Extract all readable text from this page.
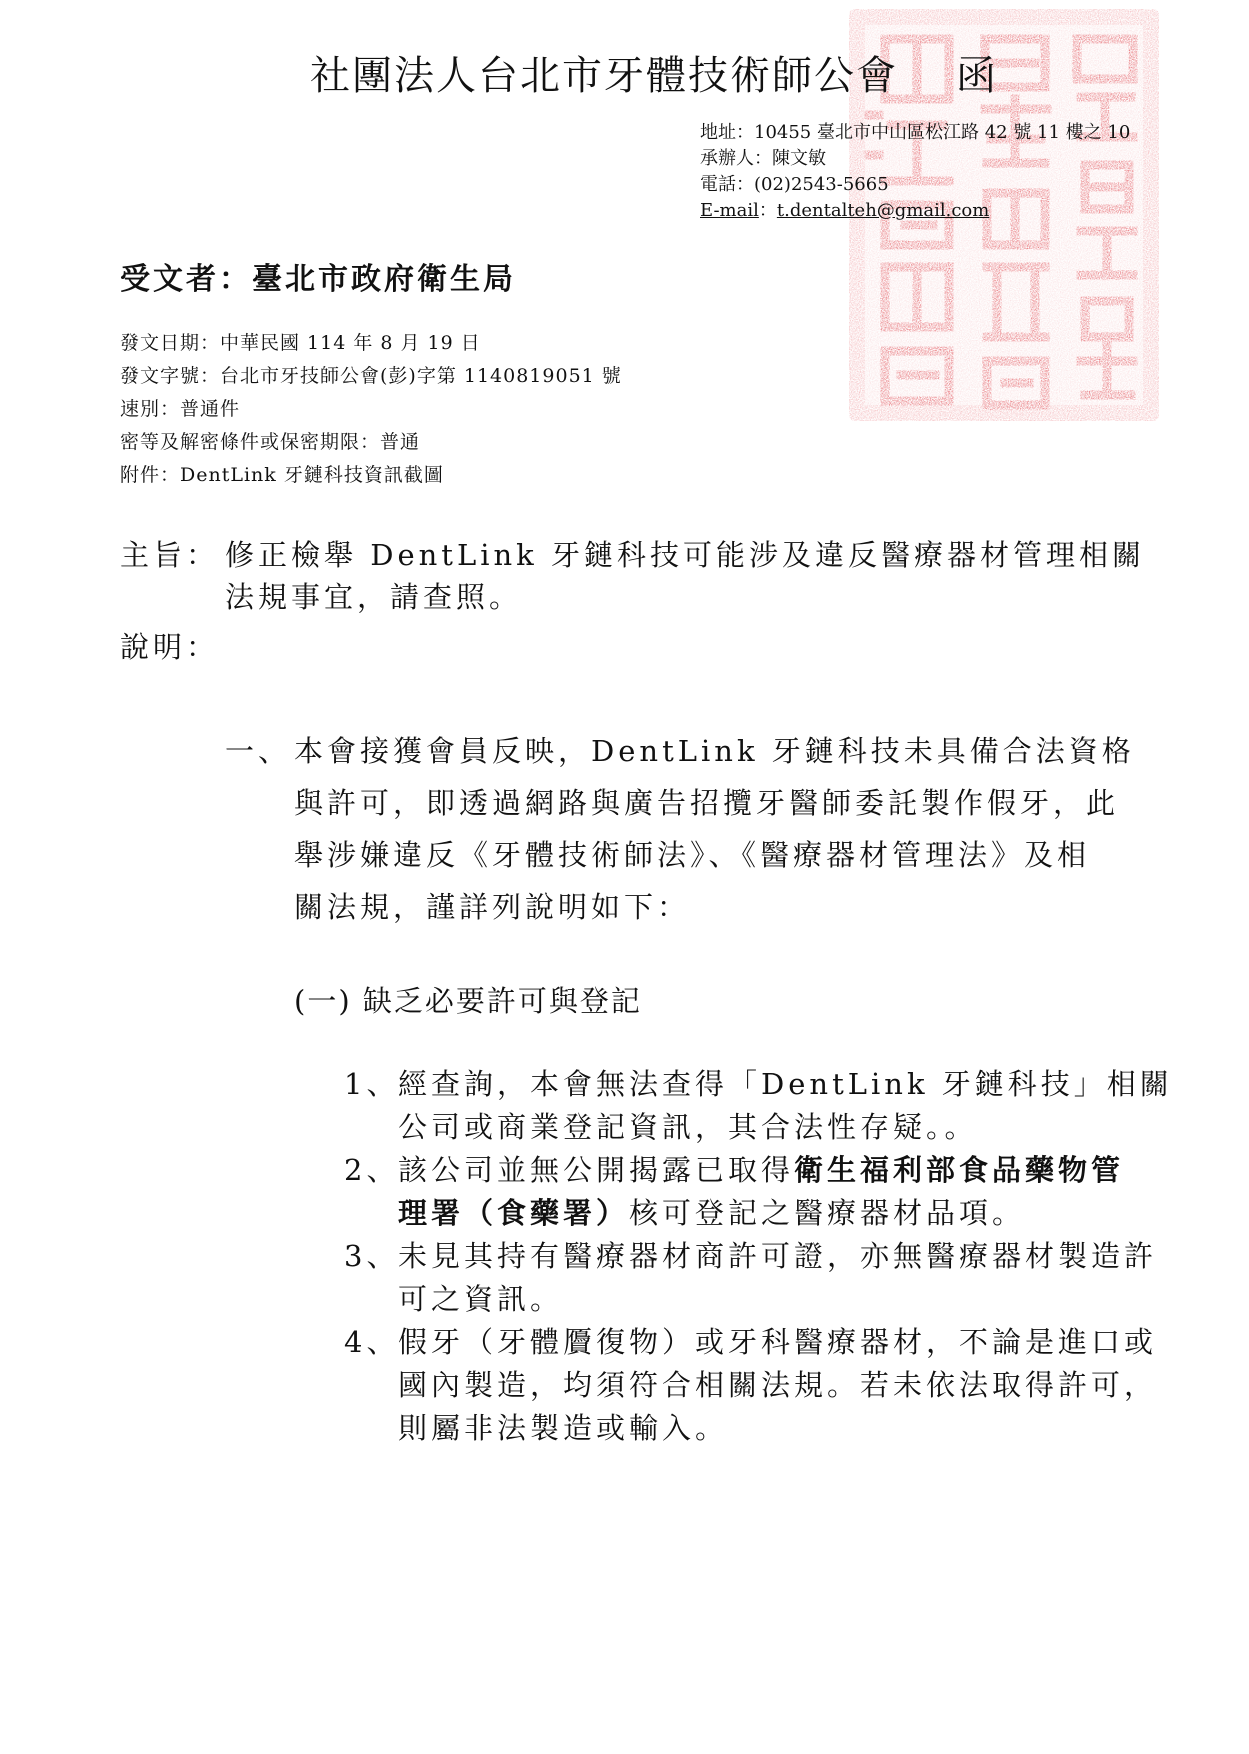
社團法人台北市牙體技術師公會 函
地址：10455 臺北市中山區松江路 42 號 11 樓之 10
承辦人：陳文敏
電話：(02)2543-5665
E-mail：t.dentalteh@gmail.com
受文者：臺北市政府衛生局
發文日期：中華民國 114 年 8 月 19 日
發文字號：台北市牙技師公會(彭)字第 1140819051 號
速別：普通件
密等及解密條件或保密期限：普通
附件：DentLink 牙鏈科技資訊截圖
主旨： 修正檢舉 DentLink 牙鏈科技可能涉及違反醫療器材管理相關
法規事宜，請查照。
說明：
一、 本會接獲會員反映，DentLink 牙鏈科技未具備合法資格
與許可，即透過網路與廣告招攬牙醫師委託製作假牙，此
舉涉嫌違反《牙體技術師法》、《醫療器材管理法》及相
關法規，謹詳列說明如下：
(一) 缺乏必要許可與登記
1、
經查詢，本會無法查得「DentLink 牙鏈科技」相關
公司或商業登記資訊，其合法性存疑。。
2、
該公司並無公開揭露已取得衛生福利部食品藥物管
理署（食藥署）核可登記之醫療器材品項。
3、
未見其持有醫療器材商許可證，亦無醫療器材製造許
可之資訊。
4、
假牙（牙體贗復物）或牙科醫療器材，不論是進口或
國內製造，均須符合相關法規。若未依法取得許可，
則屬非法製造或輸入。
